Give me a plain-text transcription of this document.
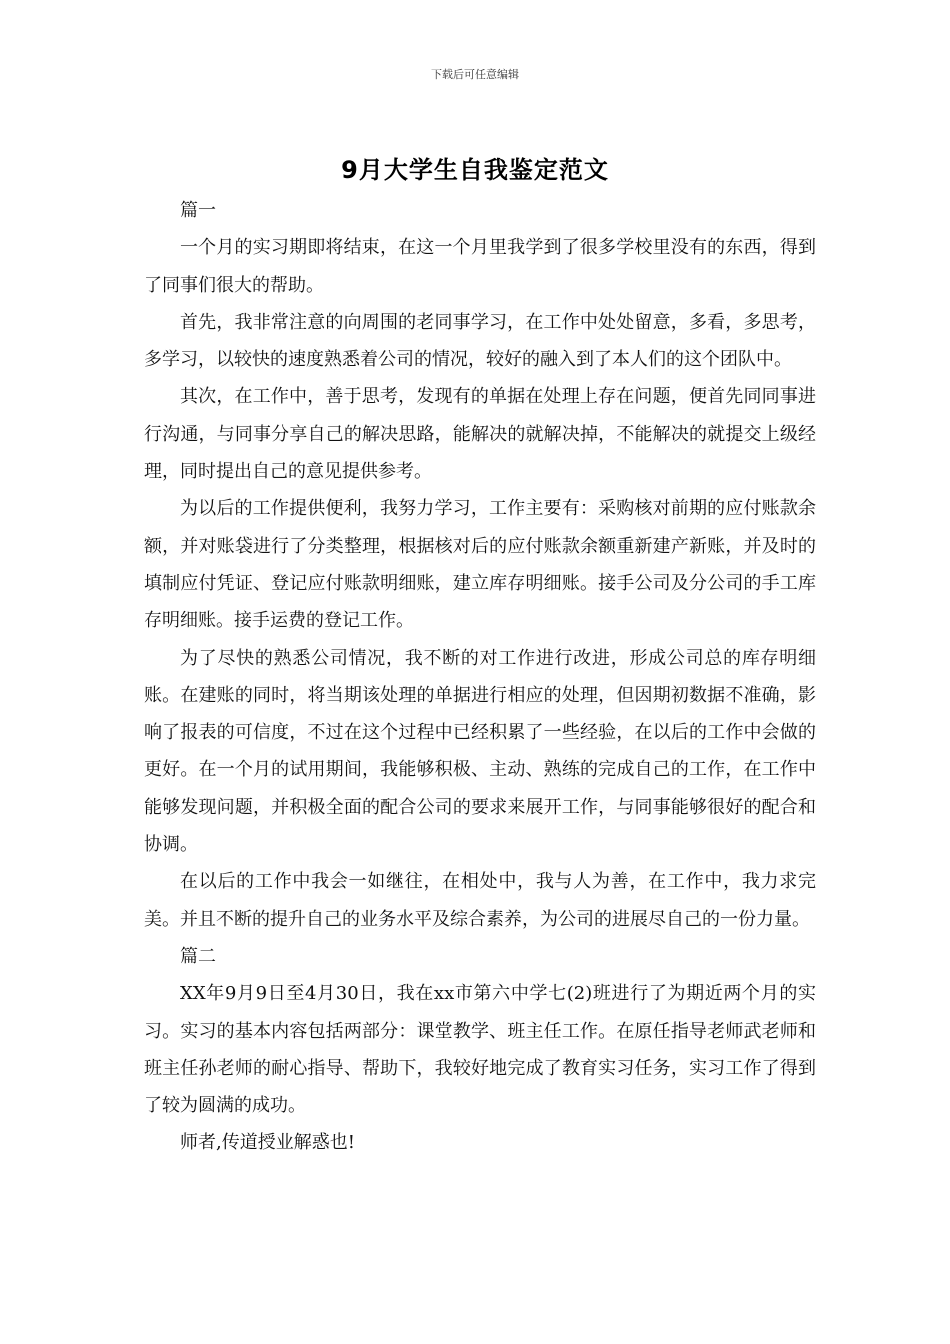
下载后可任意编辑
9月大学生自我鉴定范文

篇一

一个月的实习期即将结束，在这一个月里我学到了很多学校里没有的东西，得到了同事们很大的帮助。

首先，我非常注意的向周围的老同事学习，在工作中处处留意，多看，多思考，多学习，以较快的速度熟悉着公司的情况，较好的融入到了本人们的这个团队中。

其次，在工作中，善于思考，发现有的单据在处理上存在问题，便首先同同事进行沟通，与同事分享自己的解决思路，能解决的就解决掉，不能解决的就提交上级经理，同时提出自己的意见提供参考。

为以后的工作提供便利，我努力学习，工作主要有：采购核对前期的应付账款余额，并对账袋进行了分类整理，根据核对后的应付账款余额重新建产新账，并及时的填制应付凭证、登记应付账款明细账，建立库存明细账。接手公司及分公司的手工库存明细账。接手运费的登记工作。

为了尽快的熟悉公司情况，我不断的对工作进行改进，形成公司总的库存明细账。在建账的同时，将当期该处理的单据进行相应的处理，但因期初数据不准确，影响了报表的可信度，不过在这个过程中已经积累了一些经验，在以后的工作中会做的更好。在一个月的试用期间，我能够积极、主动、熟练的完成自己的工作，在工作中能够发现问题，并积极全面的配合公司的要求来展开工作，与同事能够很好的配合和协调。

在以后的工作中我会一如继往，在相处中，我与人为善，在工作中，我力求完美。并且不断的提升自己的业务水平及综合素养，为公司的进展尽自己的一份力量。

篇二

XX年9月9日至4月30日，我在xx市第六中学七(2)班进行了为期近两个月的实习。实习的基本内容包括两部分：课堂教学、班主任工作。在原任指导老师武老师和班主任孙老师的耐心指导、帮助下，我较好地完成了教育实习任务，实习工作了得到了较为圆满的成功。

师者,传道授业解惑也!
